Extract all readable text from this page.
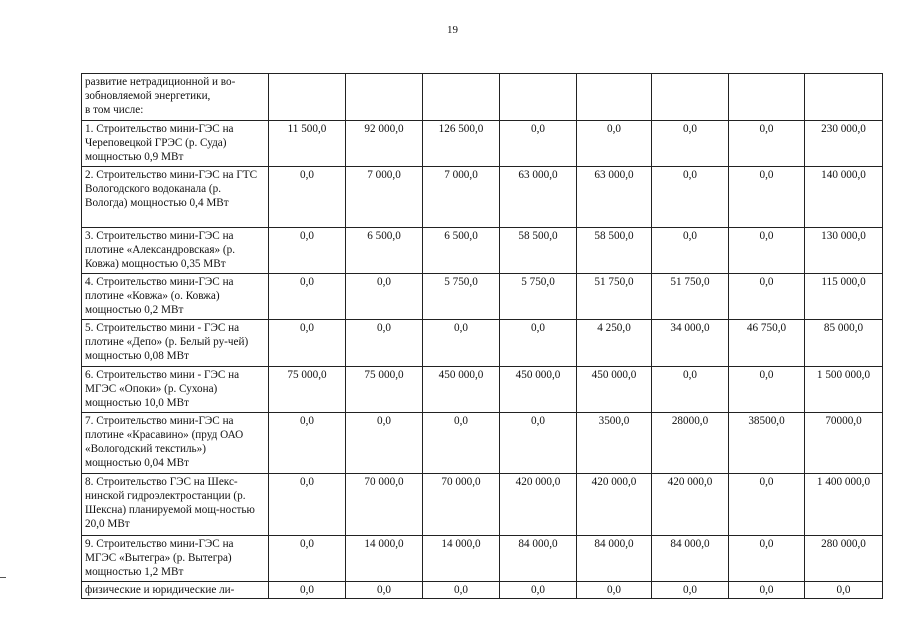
19
развитие нетрадиционной и во-
зобновляемой энергетики,
в том числе:								
1. Строительство мини-ГЭС на Череповецкой ГРЭС (р. Суда) мощностью 0,9 МВт	11 500,0	92 000,0	126 500,0	0,0	0,0	0,0	0,0	230 000,0
2. Строительство мини-ГЭС на ГТС Вологодского водоканала (р. Вологда) мощностью 0,4 МВт	0,0	7 000,0	7 000,0	63 000,0	63 000,0	0,0	0,0	140 000,0
3. Строительство мини-ГЭС на плотине «Александровская» (р. Ковжа) мощностью 0,35 МВт	0,0	6 500,0	6 500,0	58 500,0	58 500,0	0,0	0,0	130 000,0
4. Строительство мини-ГЭС на плотине «Ковжа» (о. Ковжа) мощностью 0,2 МВт	0,0	0,0	5 750,0	5 750,0	51 750,0	51 750,0	0,0	115 000,0
5. Строительство мини - ГЭС на плотине «Депо» (р. Белый ру-чей) мощностью 0,08 МВт	0,0	0,0	0,0	0,0	4 250,0	34 000,0	46 750,0	85 000,0
6. Строительство мини - ГЭС на МГЭС «Опоки» (р. Сухона) мощностью 10,0 МВт	75 000,0	75 000,0	450 000,0	450 000,0	450 000,0	0,0	0,0	1 500 000,0
7. Строительство мини-ГЭС на плотине «Красавино» (пруд ОАО «Вологодский текстиль») мощностью 0,04 МВт	0,0	0,0	0,0	0,0	3500,0	28000,0	38500,0	70000,0
8. Строительство ГЭС на Шекс-нинской гидроэлектростанции (р. Шексна) планируемой мощ-ностью 20,0 МВт	0,0	70 000,0	70 000,0	420 000,0	420 000,0	420 000,0	0,0	1 400 000,0
9. Строительство мини-ГЭС на МГЭС «Вытегра» (р. Вытегра) мощностью 1,2 МВт	0,0	14 000,0	14 000,0	84 000,0	84 000,0	84 000,0	0,0	280 000,0
физические и юридические ли-	0,0	0,0	0,0	0,0	0,0	0,0	0,0	0,0
